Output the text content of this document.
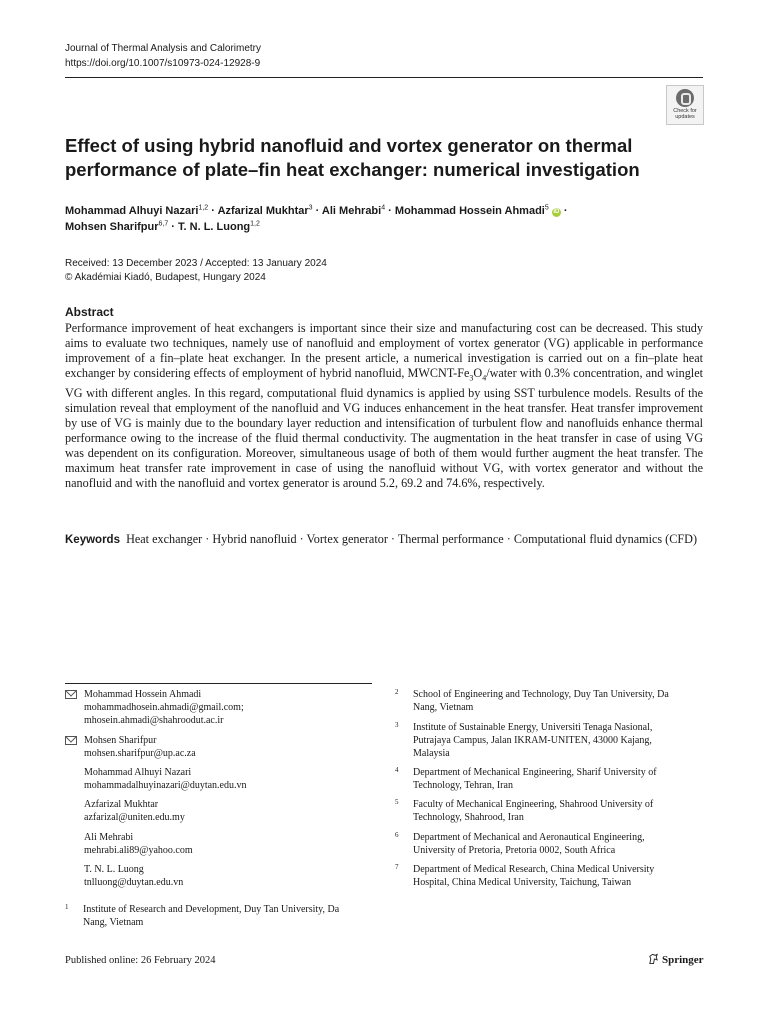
Journal of Thermal Analysis and Calorimetry
https://doi.org/10.1007/s10973-024-12928-9
Check for
updates
Effect of using hybrid nanofluid and vortex generator on thermal performance of plate–fin heat exchanger: numerical investigation
Mohammad Alhuyi Nazari$^{1,2}$ · Azfarizal Mukhtar$^3$ · Ali Mehrabi$^4$ · Mohammad Hossein Ahmadi$^5$ iD ·
Mohsen Sharifpur$^{6,7}$ · T. N. L. Luong$^{1,2}$
Received: 13 December 2023 / Accepted: 13 January 2024
© Akadémiai Kiadó, Budapest, Hungary 2024
Abstract
Performance improvement of heat exchangers is important since their size and manufacturing cost can be decreased. This study aims to evaluate two techniques, namely use of nanofluid and employment of vortex generator (VG) applicable in performance improvement of a fin–plate heat exchanger. In the present article, a numerical investigation is carried out on a fin–plate heat exchanger by considering effects of employment of hybrid nanofluid, MWCNT-$Fe_3O_4$/water with 0.3% concentration, and winglet VG with different angles. In this regard, computational fluid dynamics is applied by using SST turbulence models. Results of the simulation reveal that employment of the nanofluid and VG induces enhancement in the heat transfer. Heat transfer improvement by use of VG is mainly due to the boundary layer reduction and intensification of turbulent flow and nanofluids enhance thermal performance owing to the increase of the fluid thermal conductivity. The augmentation in the heat transfer in case of using VG was dependent on its configuration. Moreover, simultaneous usage of both of them would further augment the heat transfer. The maximum heat transfer rate improvement in case of using the nanofluid without VG, with vortex generator and without the nanofluid and with the nanofluid and vortex generator is around 5.2, 69.2 and 74.6%, respectively.
Keywords Heat exchanger · Hybrid nanofluid · Vortex generator · Thermal performance · Computational fluid dynamics (CFD)
Mohammad Hossein Ahmadi
mohammadhosein.ahmadi@gmail.com;
mhosein.ahmadi@shahroodut.ac.ir
Mohsen Sharifpur
mohsen.sharifpur@up.ac.za
Mohammad Alhuyi Nazari
mohammadalhuyinazari@duytan.edu.vn
Azfarizal Mukhtar
azfarizal@uniten.edu.my
Ali Mehrabi
mehrabi.ali89@yahoo.com
T. N. L. Luong
tnlluong@duytan.edu.vn
1 Institute of Research and Development, Duy Tan University, Da Nang, Vietnam
2 School of Engineering and Technology, Duy Tan University, Da Nang, Vietnam
3 Institute of Sustainable Energy, Universiti Tenaga Nasional, Putrajaya Campus, Jalan IKRAM-UNITEN, 43000 Kajang, Malaysia
4 Department of Mechanical Engineering, Sharif University of Technology, Tehran, Iran
5 Faculty of Mechanical Engineering, Shahrood University of Technology, Shahrood, Iran
6 Department of Mechanical and Aeronautical Engineering, University of Pretoria, Pretoria 0002, South Africa
7 Department of Medical Research, China Medical University Hospital, China Medical University, Taichung, Taiwan
Published online: 26 February 2024	Springer
